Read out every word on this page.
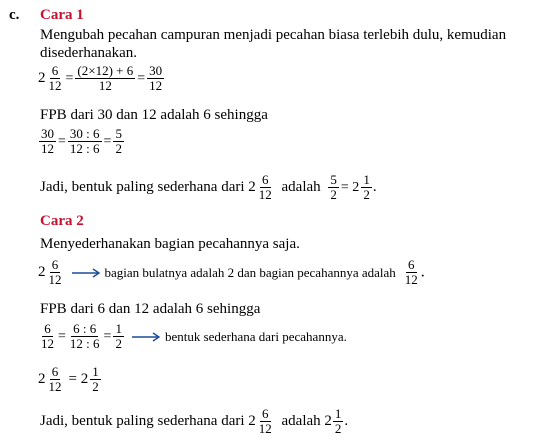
c. Cara 1
Mengubah pecahan campuran menjadi pecahan biasa terlebih dulu, kemudian
disederhanakan.
$2 \frac{6}{12} = \frac{(2\times 12) + 6}{12} = \frac{30}{12}$
FPB dari 30 dan 12 adalah 6 sehingga
$\frac{30}{12} = \frac{30 : 6}{12 : 6} = \frac{5}{2}$
Jadi, bentuk paling sederhana dari $2 \frac{6}{12}$ adalah $\frac{5}{2} = 2 \frac{1}{2}$ .
Cara 2
Menyederhanakan bagian pecahannya saja.
$2 \frac{6}{12}$	bagian bulatnya adalah 2 dan bagian pecahannya adalah $\frac{6}{12}$ .
FPB dari 6 dan 12 adalah 6 sehingga
$\frac{6}{12} = \frac{6 : 6}{12 : 6} = \frac{1}{2}$	bentuk sederhana dari pecahannya.
$2 \frac{6}{12} = 2 \frac{1}{2}$
Jadi, bentuk paling sederhana dari $2 \frac{6}{12}$ adalah $2 \frac{1}{2}$ .
